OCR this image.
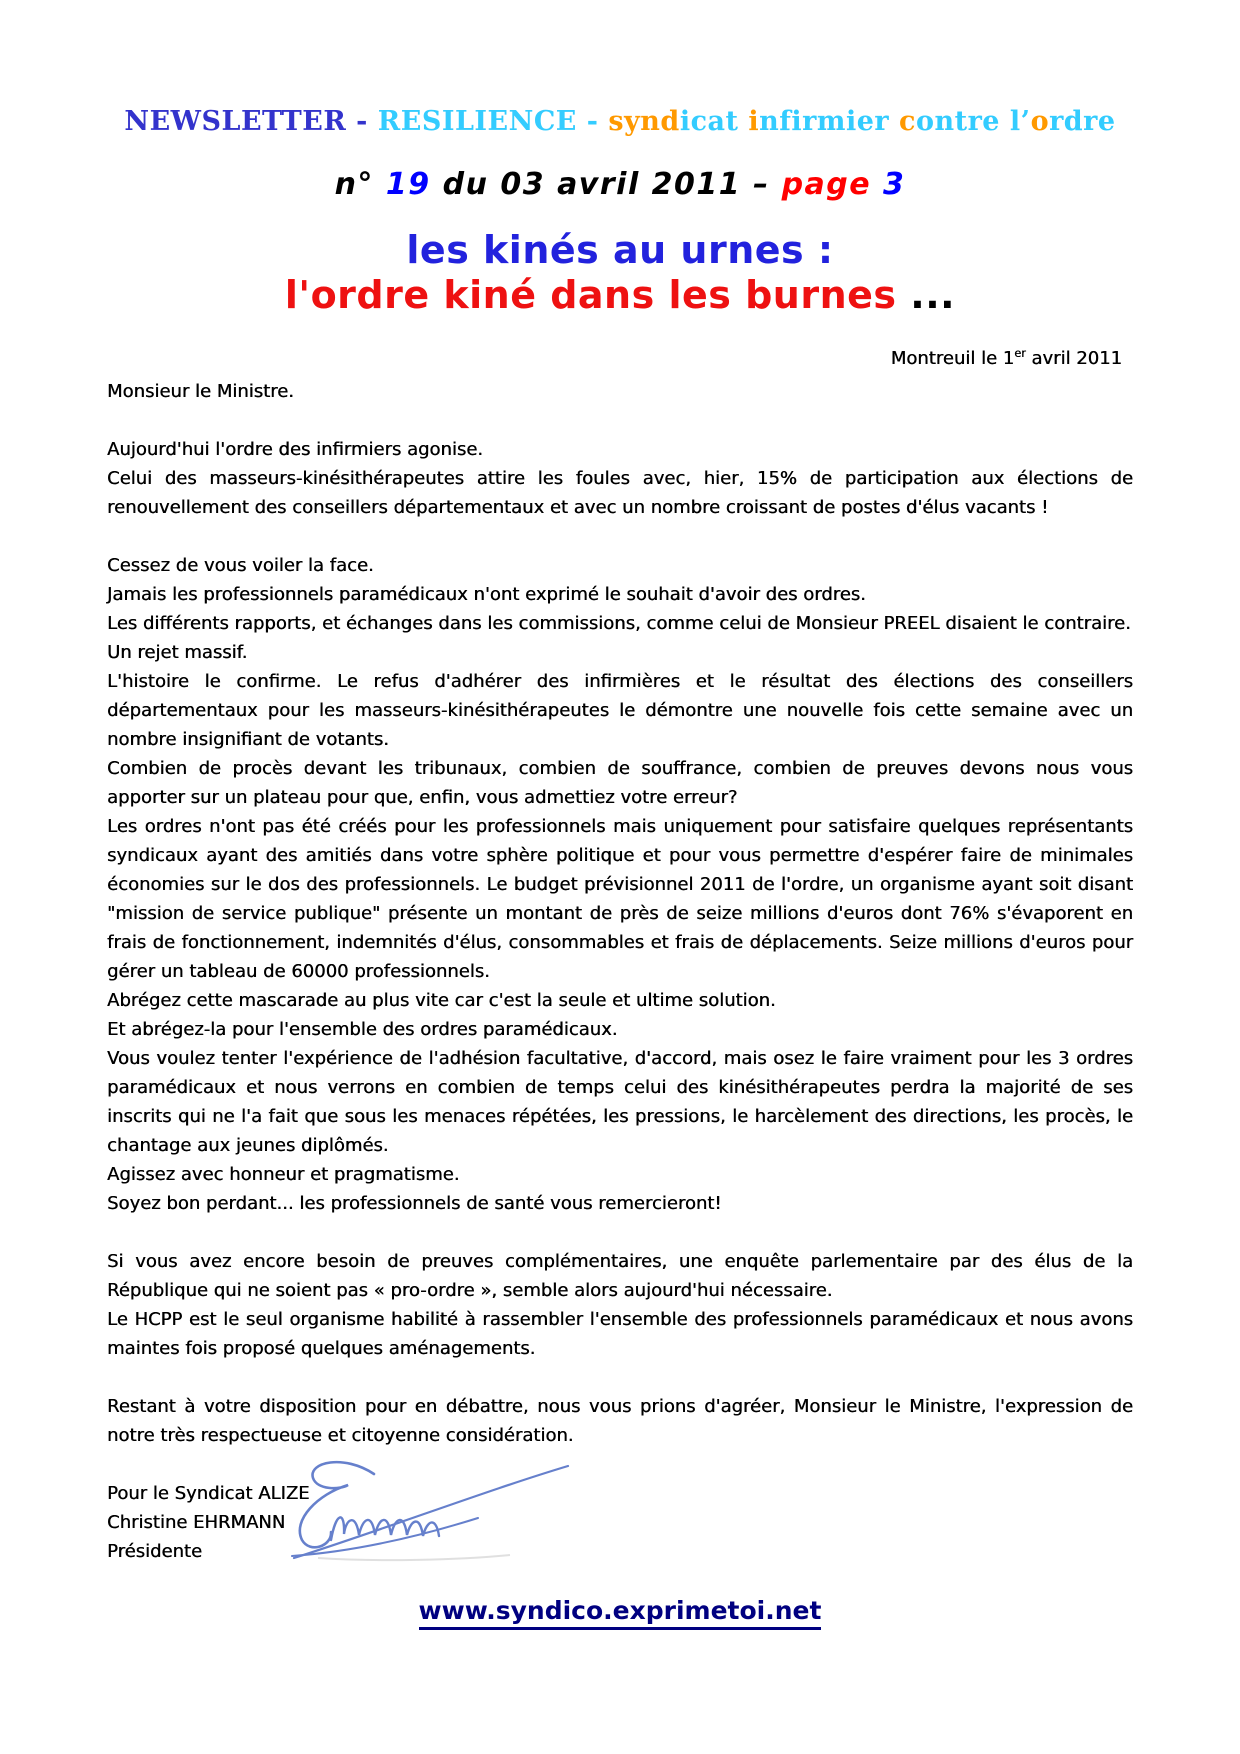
NEWSLETTER - RESILIENCE - syndicat infirmier contre l’ordre
n° 19 du 03 avril 2011 – page 3
les kinés au urnes :
l'ordre kiné dans les burnes ...
Montreuil le 1er avril 2011
Monsieur le Ministre.
Aujourd'hui l'ordre des infirmiers agonise.
Celui des masseurs-kinésithérapeutes attire les foules avec, hier, 15% de participation aux élections de renouvellement des conseillers départementaux et avec un nombre croissant de postes d'élus vacants !
Cessez de vous voiler la face.
Jamais les professionnels paramédicaux n'ont exprimé le souhait d'avoir des ordres.
Les différents rapports, et échanges dans les commissions, comme celui de Monsieur PREEL disaient le contraire.
Un rejet massif.
L'histoire le confirme. Le refus d'adhérer des infirmières et le résultat des élections des conseillers départementaux pour les masseurs-kinésithérapeutes le démontre une nouvelle fois cette semaine avec un nombre insignifiant de votants.
Combien de procès devant les tribunaux, combien de souffrance, combien de preuves devons nous vous apporter sur un plateau pour que, enfin, vous admettiez votre erreur?
Les ordres n'ont pas été créés pour les professionnels mais uniquement pour satisfaire quelques représentants syndicaux ayant des amitiés dans votre sphère politique et pour vous permettre d'espérer faire de minimales économies sur le dos des professionnels. Le budget prévisionnel 2011 de l'ordre, un organisme ayant soit disant "mission de service publique" présente un montant de près de seize millions d'euros dont 76% s'évaporent en frais de fonctionnement, indemnités d'élus, consommables et frais de déplacements. Seize millions d'euros pour gérer un tableau de 60000 professionnels.
Abrégez cette mascarade au plus vite car c'est la seule et ultime solution.
Et abrégez-la pour l'ensemble des ordres paramédicaux.
Vous voulez tenter l'expérience de l'adhésion facultative, d'accord, mais osez le faire vraiment pour les 3 ordres paramédicaux et nous verrons en combien de temps celui des kinésithérapeutes perdra la majorité de ses inscrits qui ne l'a fait que sous les menaces répétées, les pressions, le harcèlement des directions, les procès, le chantage aux jeunes diplômés.
Agissez avec honneur et pragmatisme.
Soyez bon perdant... les professionnels de santé vous remercieront!
Si vous avez encore besoin de preuves complémentaires, une enquête parlementaire par des élus de la République qui ne soient pas « pro-ordre », semble alors aujourd'hui nécessaire.
Le HCPP est le seul organisme habilité à rassembler l'ensemble des professionnels paramédicaux et nous avons maintes fois proposé quelques aménagements.
Restant à votre disposition pour en débattre, nous vous prions d'agréer, Monsieur le Ministre, l'expression de notre très respectueuse et citoyenne considération.
Pour le Syndicat ALIZE
Christine EHRMANN
Présidente
www.syndico.exprimetoi.net
